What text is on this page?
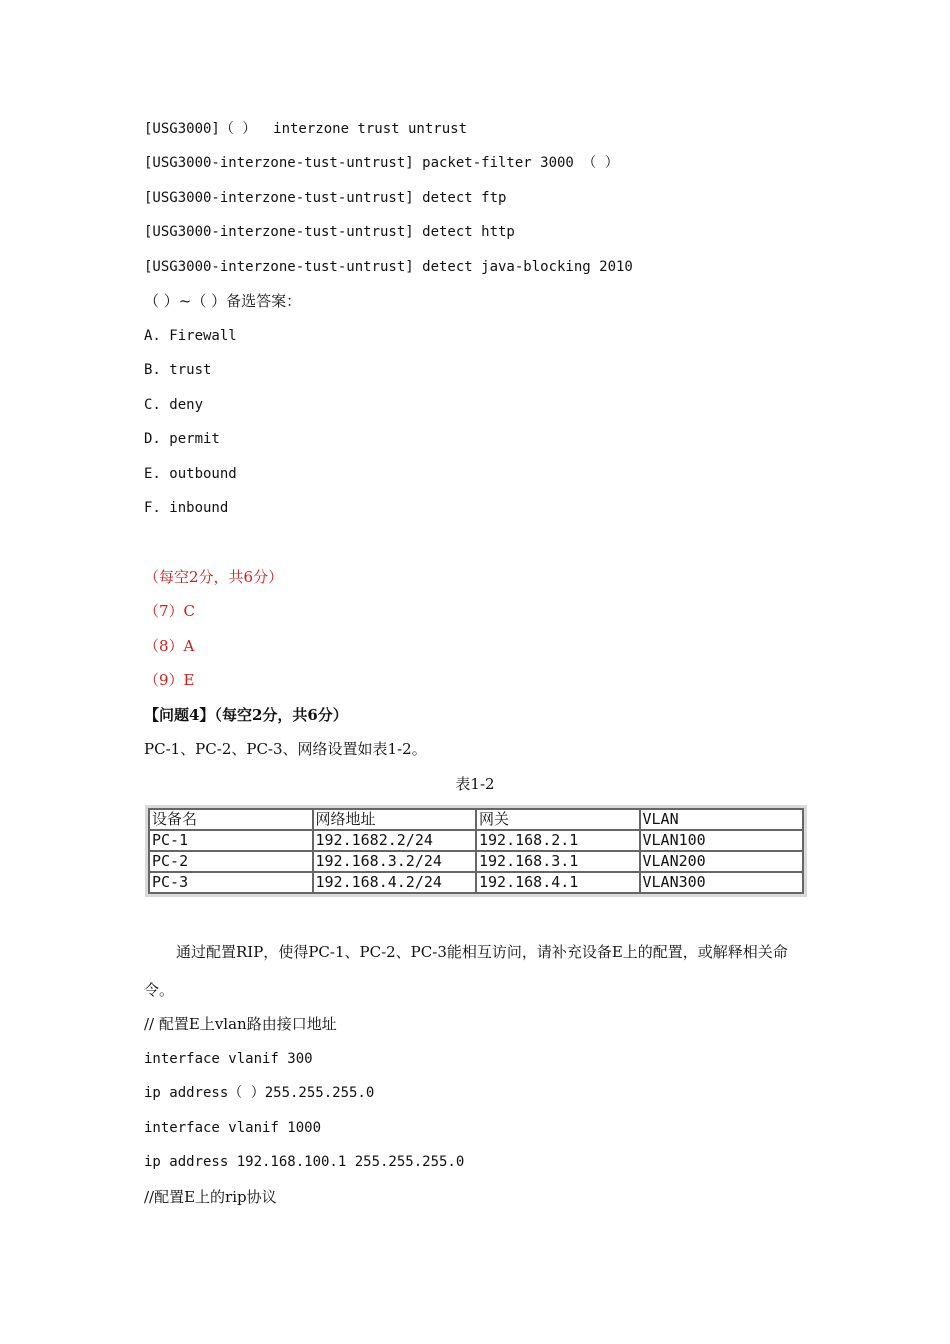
[USG3000]（ ）  interzone trust untrust
[USG3000-interzone-tust-untrust] packet-filter 3000 （ ）
[USG3000-interzone-tust-untrust] detect ftp
[USG3000-interzone-tust-untrust] detect http
[USG3000-interzone-tust-untrust] detect java-blocking 2010
（ ）~（ ）备选答案：
A. Firewall
B. trust
C. deny
D. permit
E. outbound
F. inbound
（每空2分，共6分）
（7）C
（8）A
（9）E
【问题4】（每空2分，共6分）
PC-1、PC-2、PC-3、网络设置如表1-2。
表1-2
设备名	网络地址	网关	VLAN
PC-1	192.1682.2/24	192.168.2.1	VLAN100
PC-2	192.168.3.2/24	192.168.3.1	VLAN200
PC-3	192.168.4.2/24	192.168.4.1	VLAN300
通过配置RIP，使得PC-1、PC-2、PC-3能相互访问，请补充设备E上的配置，或解释相关命令。
// 配置E上vlan路由接口地址
interface vlanif 300
ip address（ ）255.255.255.0
interface vlanif 1000
ip address 192.168.100.1 255.255.255.0
//配置E上的rip协议
